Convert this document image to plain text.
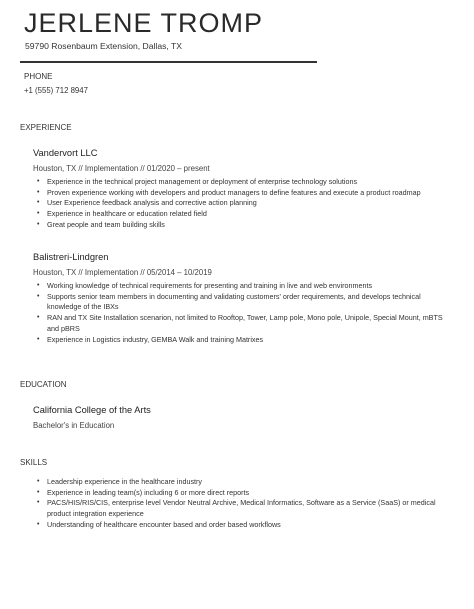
JERLENE TROMP
59790 Rosenbaum Extension, Dallas, TX
PHONE
+1 (555) 712 8947
EXPERIENCE

Vandervort LLC

Houston, TX // Implementation // 01/2020 – present

• Experience in the technical project management or deployment of enterprise technology solutions
• Proven experience working with developers and product managers to define features and execute a product roadmap
• User Experience feedback analysis and corrective action planning
• Experience in healthcare or education related field
• Great people and team building skills

Balistreri-Lindgren

Houston, TX // Implementation // 05/2014 – 10/2019

• Working knowledge of technical requirements for presenting and training in live and web environments
• Supports senior team members in documenting and validating customers' order requirements, and develops technical knowledge of the IBXs
• RAN and TX Site Installation scenarion, not limited to Rooftop, Tower, Lamp pole, Mono pole, Unipole, Special Mount, mBTS and pBRS
• Experience in Logistics industry, GEMBA Walk and training Matrixes
EDUCATION

California College of the Arts

Bachelor's in Education

SKILLS
• Leadership experience in the healthcare industry
• Experience in leading team(s) including 6 or more direct reports
• PACS/HIS/RIS/CIS, enterprise level Vendor Neutral Archive, Medical Informatics, Software as a Service (SaaS) or medical product integration experience
• Understanding of healthcare encounter based and order based workflows
